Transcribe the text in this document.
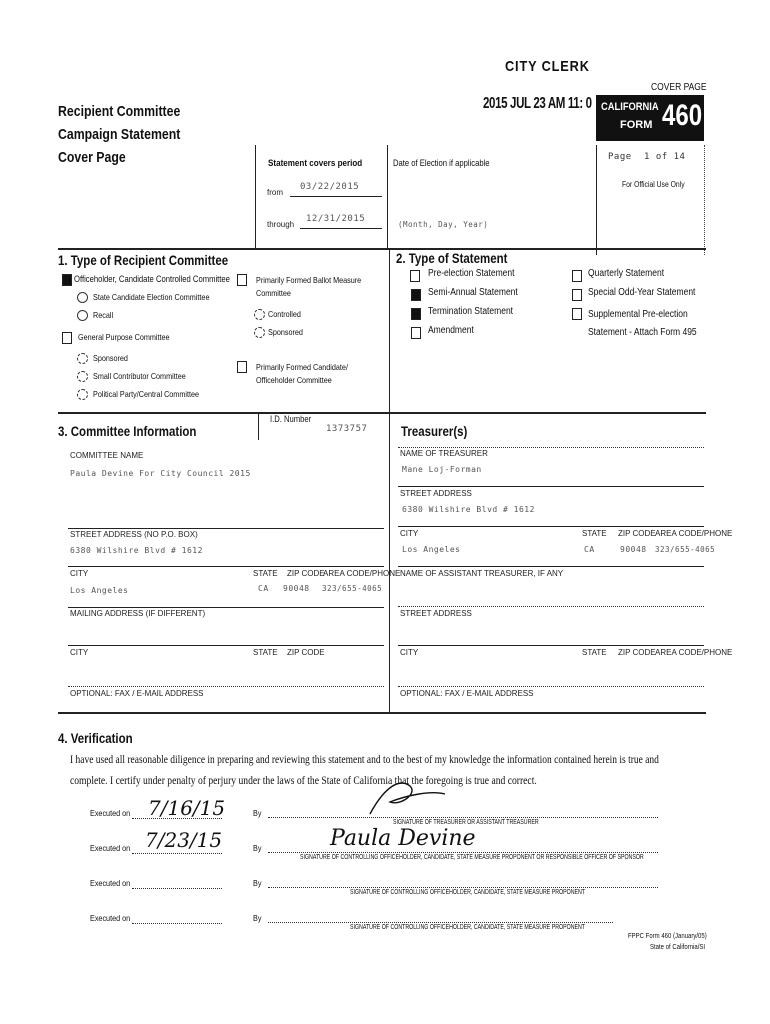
CITY CLERK
COVER PAGE
Recipient Committee
Campaign Statement
Cover Page
2015 JUL 23 AM 11: 0 CALIFORNIA
FORM 460
Page 1 of 14
For Official Use Only
Statement covers period
from
03/22/2015
through
12/31/2015
Date of Election if applicable
(Month, Day, Year)
1. Type of Recipient Committee
Officeholder, Candidate Controlled Committee
State Candidate Election Committee
Recall
General Purpose Committee
Sponsored
Small Contributor Committee
Political Party/Central Committee
Primarily Formed Ballot Measure
Committee
Controlled
Sponsored
Primarily Formed Candidate/
Officeholder Committee
2. Type of Statement
Pre-election Statement
Semi-Annual Statement
Termination Statement
Amendment
Quarterly Statement
Special Odd-Year Statement
Supplemental Pre-election
Statement - Attach Form 495
3. Committee Information
I.D. Number
1373757
COMMITTEE NAME
Paula Devine For City Council 2015
STREET ADDRESS (NO P.O. BOX)
6380 Wilshire Blvd # 1612
CITY	STATE ZIP CODE
AREA CODE/PHONE
Los Angeles	CA 90048 323/655-4065
MAILING ADDRESS (IF DIFFERENT)
CITY	STATE ZIP CODE
OPTIONAL: FAX / E-MAIL ADDRESS
Treasurer(s)
NAME OF TREASURER
Mane Loj-Forman
STREET ADDRESS
6380 Wilshire Blvd # 1612
CITY	STATE ZIP CODE AREA CODE/PHONE
Los Angeles	CA	90048 323/655-4065
NAME OF ASSISTANT TREASURER, IF ANY
STREET ADDRESS
CITY	STATE ZIP CODE AREA CODE/PHONE
OPTIONAL: FAX / E-MAIL ADDRESS
4. Verification
I have used all reasonable diligence in preparing and reviewing this statement and to the best of my knowledge the information contained herein is true and
complete. I certify under penalty of perjury under the laws of the State of California that the foregoing is true and correct.
Executed on 7/16/15	By
SIGNATURE OF TREASURER OR ASSISTANT TREASURER
Executed on 7/23/15	By
SIGNATURE OF CONTROLLING OFFICEHOLDER, CANDIDATE, STATE MEASURE PROPONENT OR RESPONSIBLE OFFICER OF SPONSOR
Paula Devine
Executed on	By
SIGNATURE OF CONTROLLING OFFICEHOLDER, CANDIDATE, STATE MEASURE PROPONENT
Executed on	By
SIGNATURE OF CONTROLLING OFFICEHOLDER, CANDIDATE, STATE MEASURE PROPONENT
FPPC Form 460 (January/05)
State of California/SI
